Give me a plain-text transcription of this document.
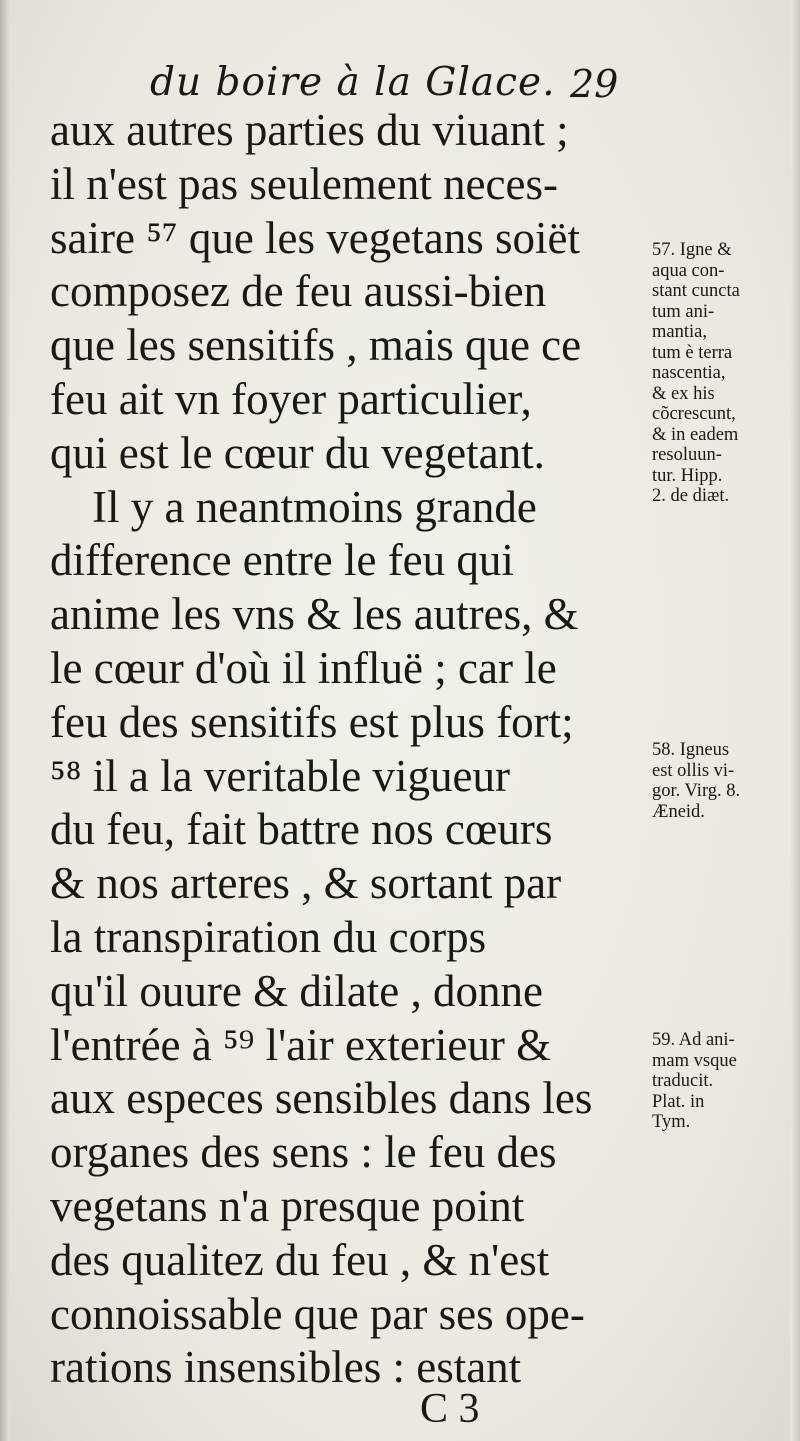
du boire à la Glace. 29
aux autres parties du viuant ;
il n'est pas seulement neces-
saire ⁵⁷ que les vegetans soiët
composez de feu aussi-bien
que les sensitifs , mais que ce
feu ait vn foyer particulier,
qui est le cœur du vegetant.
Il y a neantmoins grande
difference entre le feu qui
anime les vns & les autres, &
le cœur d'où il influë ; car le
feu des sensitifs est plus fort;
⁵⁸ il a la veritable vigueur
du feu, fait battre nos cœurs
& nos arteres , & sortant par
la transpiration du corps
qu'il ouure & dilate , donne
l'entrée à ⁵⁹ l'air exterieur &
aux especes sensibles dans les
organes des sens : le feu des
vegetans n'a presque point
des qualitez du feu , & n'est
connoissable que par ses ope-
rations insensibles : estant
57. Igne &
aqua con-
stant cuncta
tum ani-
mantia,
tum è terra
nascentia,
& ex his
cõcrescunt,
& in eadem
resoluun-
tur. Hipp.
2. de diæt.
58. Igneus
est ollis vi-
gor. Virg. 8.
Æneid.
59. Ad ani-
mam vsque
traducit.
Plat. in
Tym.
C 3
